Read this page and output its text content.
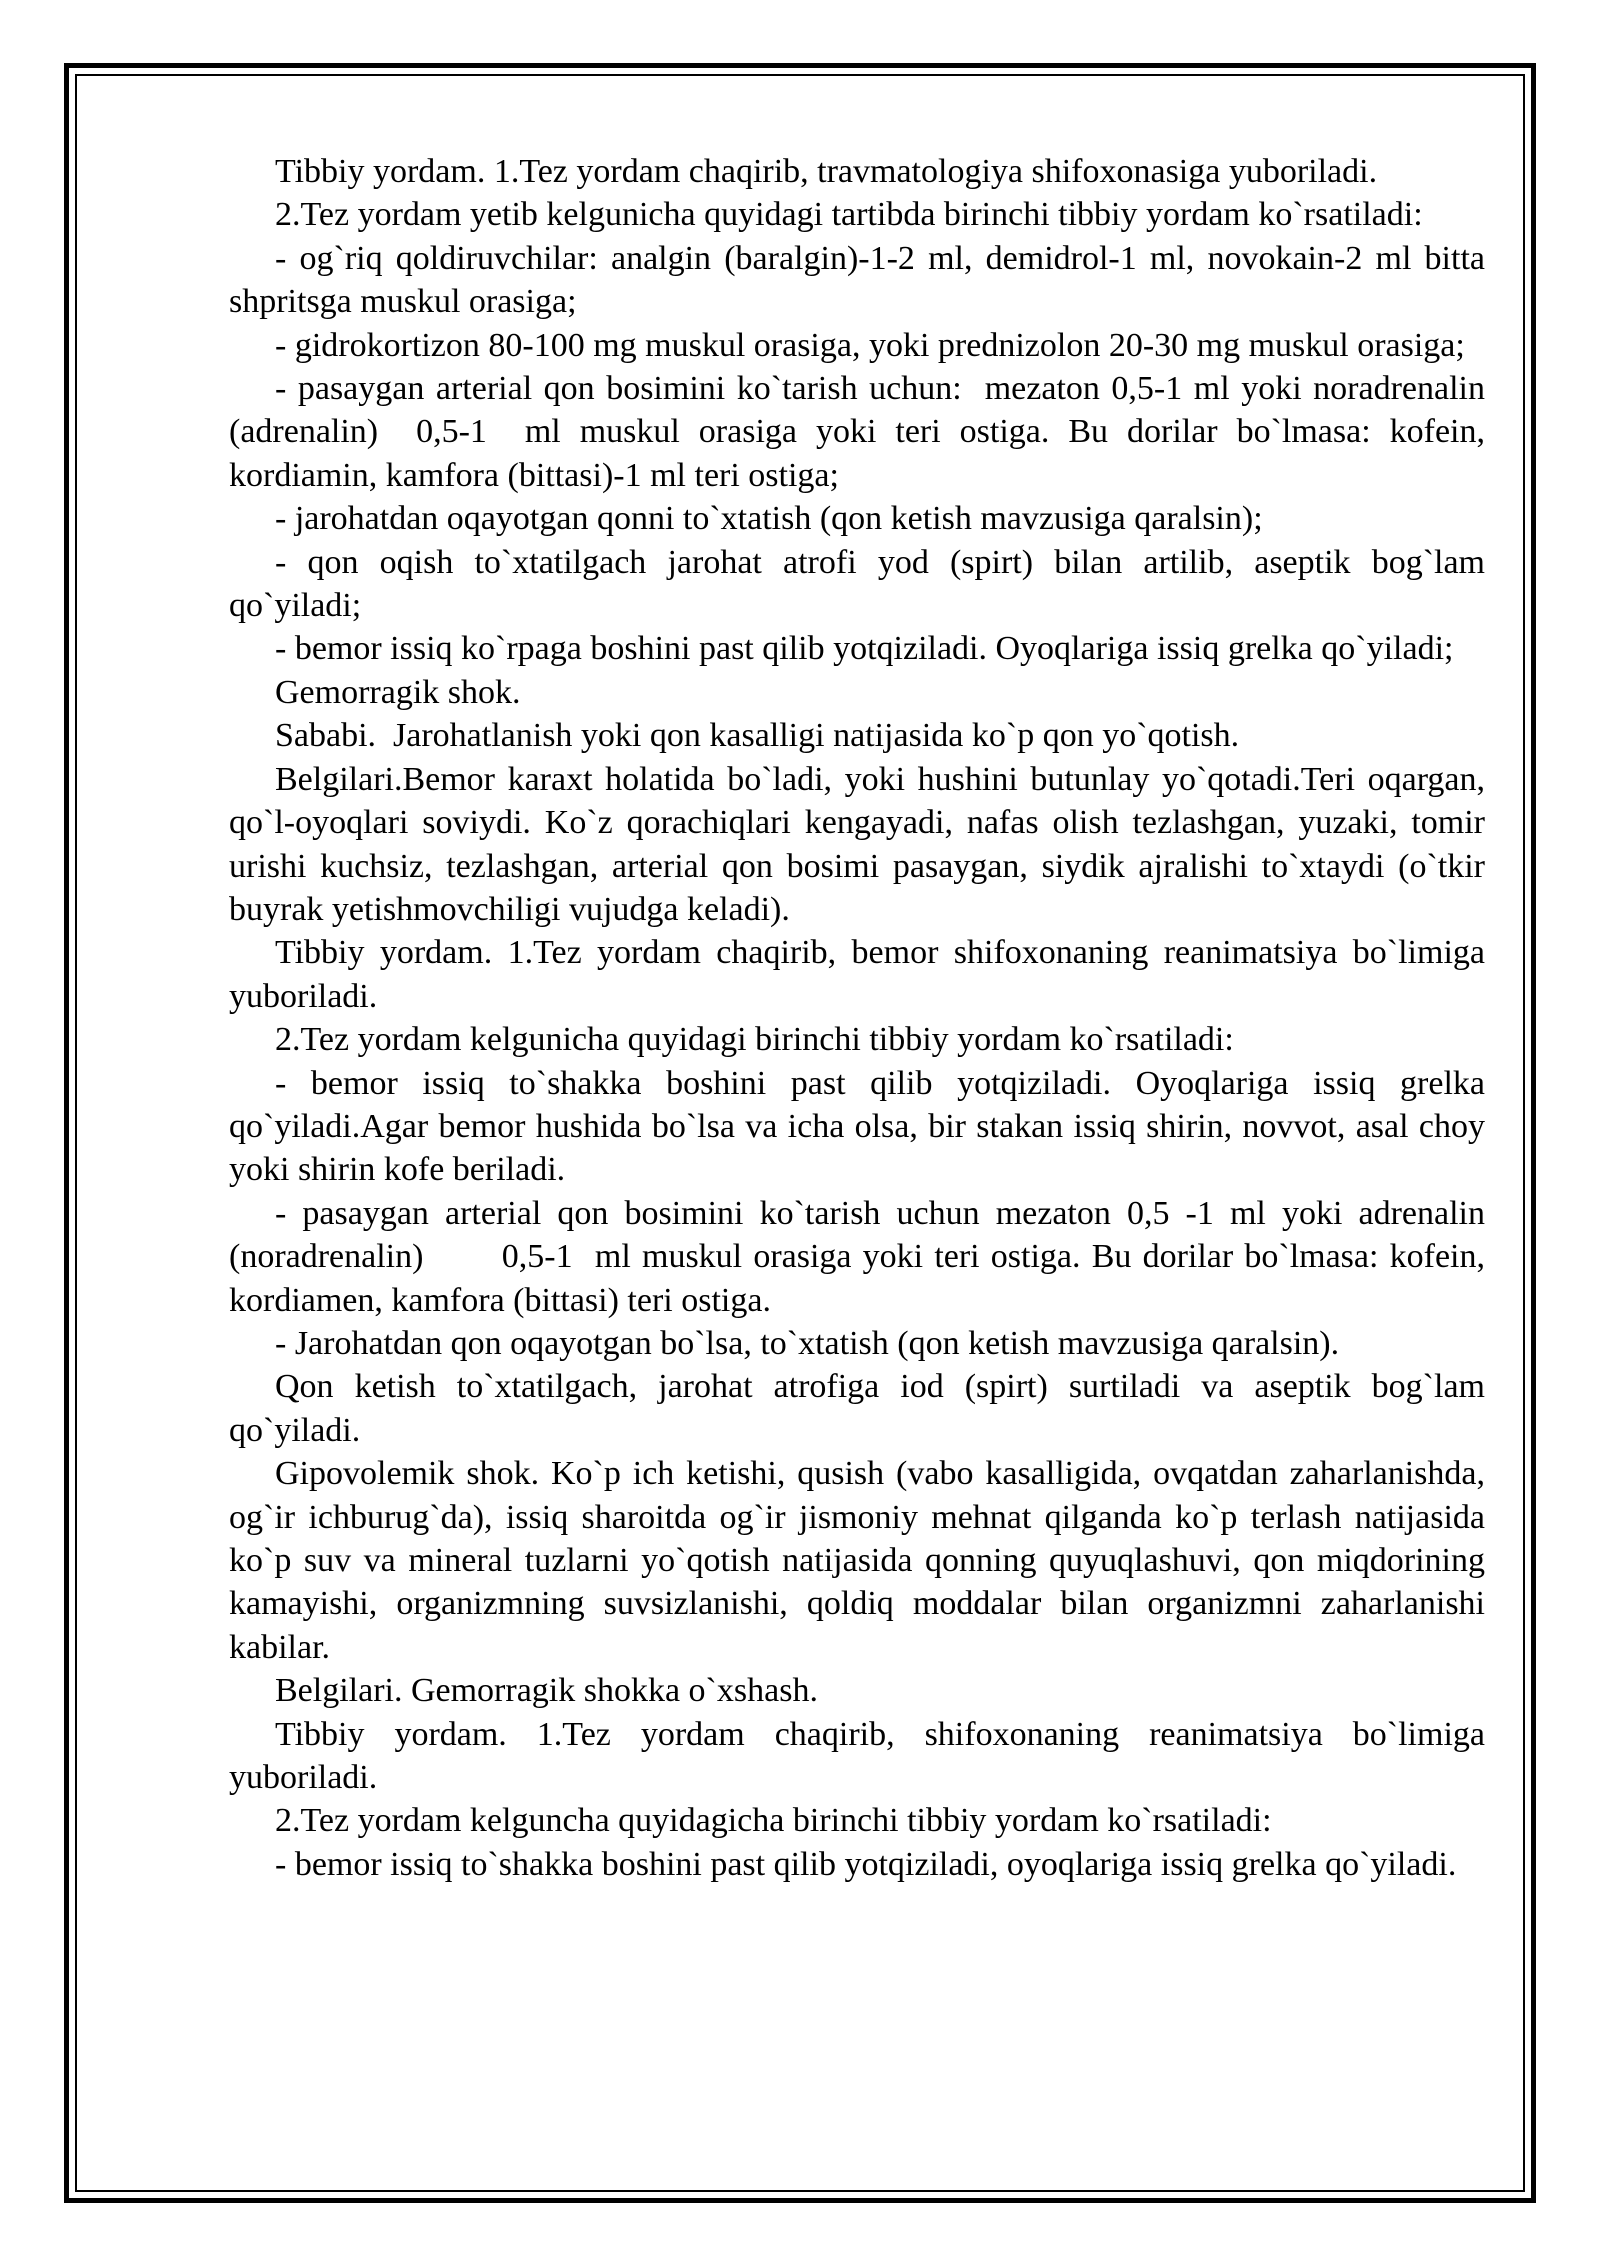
Tibbiy yordam. 1.Tez yordam chaqirib, travmatologiya shifoxonasiga yuboriladi.

2.Tez yordam yetib kelgunicha quyidagi tartibda birinchi tibbiy yordam ko`rsatiladi:

- og`riq qoldiruvchilar: analgin (baralgin)-1-2 ml, demidrol-1 ml, novokain-2 ml bitta shpritsga muskul orasiga;

- gidrokortizon 80-100 mg muskul orasiga, yoki prednizolon 20-30 mg muskul orasiga;

- pasaygan arterial qon bosimini ko`tarish uchun:  mezaton 0,5-1 ml yoki noradrenalin (adrenalin)  0,5-1  ml muskul orasiga yoki teri ostiga. Bu dorilar bo`lmasa: kofein, kordiamin, kamfora (bittasi)-1 ml teri ostiga;

- jarohatdan oqayotgan qonni to`xtatish (qon ketish mavzusiga qaralsin);

- qon oqish to`xtatilgach jarohat atrofi yod (spirt) bilan artilib, aseptik bog`lam qo`yiladi;

- bemor issiq ko`rpaga boshini past qilib yotqiziladi. Oyoqlariga issiq grelka qo`yiladi;

Gemorragik shok.

Sababi.  Jarohatlanish yoki qon kasalligi natijasida ko`p qon yo`qotish.

Belgilari.Bemor karaxt holatida bo`ladi, yoki hushini butunlay yo`qotadi.Teri oqargan, qo`l-oyoqlari soviydi. Ko`z qorachiqlari kengayadi, nafas olish tezlashgan, yuzaki, tomir urishi kuchsiz, tezlashgan, arterial qon bosimi pasaygan, siydik ajralishi to`xtaydi (o`tkir buyrak yetishmovchiligi vujudga keladi).

Tibbiy yordam. 1.Tez yordam chaqirib, bemor shifoxonaning reanimatsiya bo`limiga yuboriladi.

2.Tez yordam kelgunicha quyidagi birinchi tibbiy yordam ko`rsatiladi:

- bemor issiq to`shakka boshini past qilib yotqiziladi. Oyoqlariga issiq grelka qo`yiladi.Agar bemor hushida bo`lsa va icha olsa, bir stakan issiq shirin, novvot, asal choy yoki shirin kofe beriladi.

- pasaygan arterial qon bosimini ko`tarish uchun mezaton 0,5 -1 ml yoki adrenalin (noradrenalin)       0,5-1  ml muskul orasiga yoki teri ostiga. Bu dorilar bo`lmasa: kofein, kordiamen, kamfora (bittasi) teri ostiga.

- Jarohatdan qon oqayotgan bo`lsa, to`xtatish (qon ketish mavzusiga qaralsin).

Qon ketish to`xtatilgach, jarohat atrofiga iod (spirt) surtiladi va aseptik bog`lam qo`yiladi.

Gipovolemik shok. Ko`p ich ketishi, qusish (vabo kasalligida, ovqatdan zaharlanishda, og`ir ichburug`da), issiq sharoitda og`ir jismoniy mehnat qilganda ko`p terlash natijasida ko`p suv va mineral tuzlarni yo`qotish natijasida qonning quyuqlashuvi, qon miqdorining kamayishi, organizmning suvsizlanishi, qoldiq moddalar bilan organizmni zaharlanishi kabilar.

Belgilari. Gemorragik shokka o`xshash.

Tibbiy yordam. 1.Tez yordam chaqirib, shifoxonaning reanimatsiya bo`limiga yuboriladi.

2.Tez yordam kelguncha quyidagicha birinchi tibbiy yordam ko`rsatiladi:

- bemor issiq to`shakka boshini past qilib yotqiziladi, oyoqlariga issiq grelka qo`yiladi.
